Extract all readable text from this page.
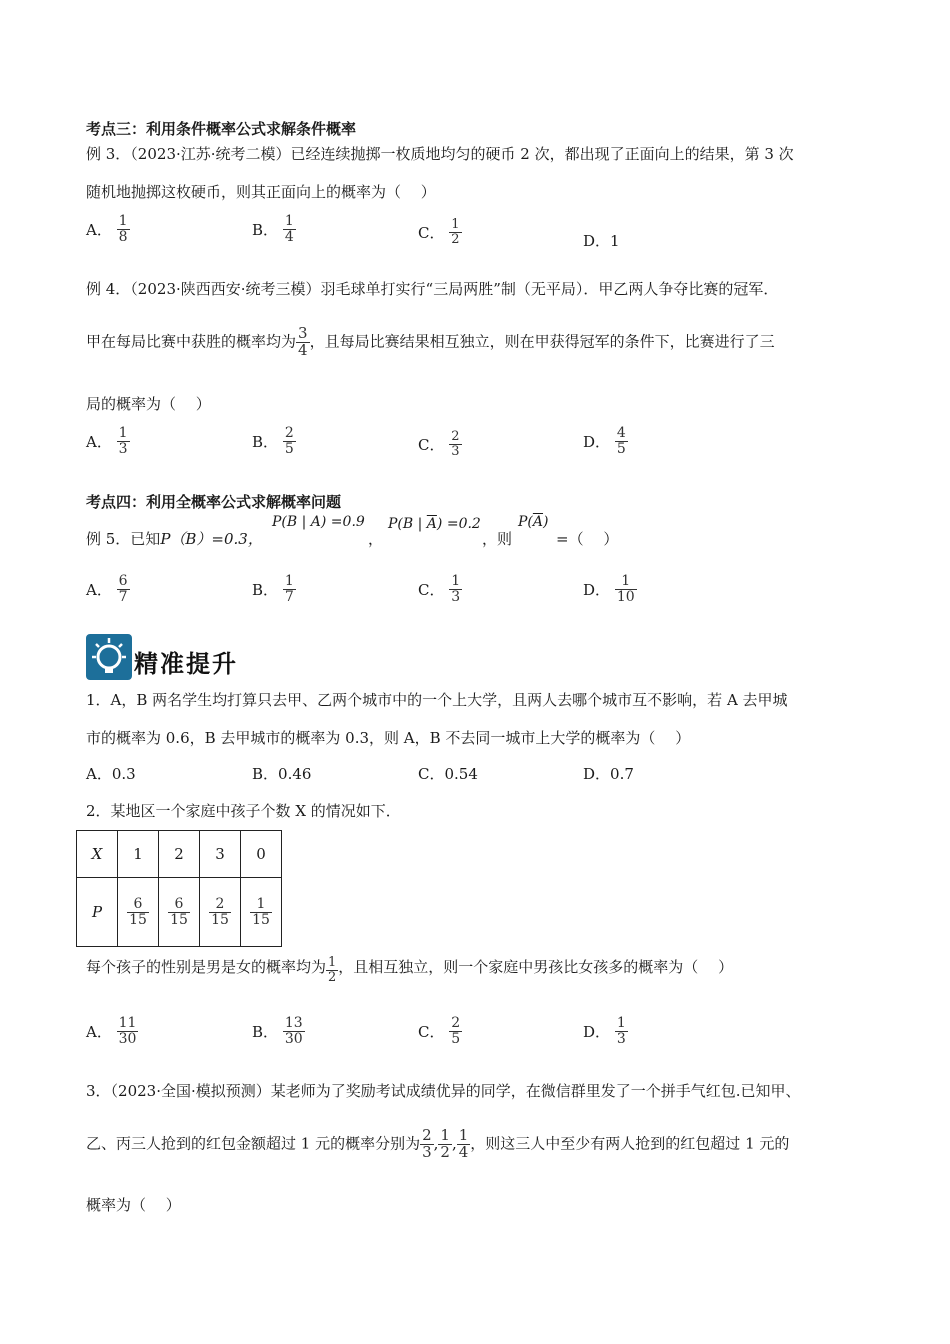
考点三：利用条件概率公式求解条件概率
例 3．（2023·江苏·统考二模）已经连续抛掷一枚质地均匀的硬币 2 次，都出现了正面向上的结果，第 3 次
随机地抛掷这枚硬币，则其正面向上的概率为（　 ）
A． $\frac{1}{8}$	B． $\frac{1}{4}$	C． $\frac{1}{2}$	D．1
例 4．（2023·陕西西安·统考三模）羽毛球单打实行“三局两胜”制（无平局）．甲乙两人争夺比赛的冠军．
甲在每局比赛中获胜的概率均为 $\frac{3}{4}$ ，且每局比赛结果相互独立，则在甲获得冠军的条件下，比赛进行了三
局的概率为（　 ）
A． $\frac{1}{3}$	B． $\frac{2}{5}$	C． $\frac{2}{3}$	D． $\frac{4}{5}$
考点四：利用全概率公式求解概率问题
例 5．已知P（B）=0.3，
P(B | A) =0.9
，
P(B | $\overline{A}) =0.2$
，则
$P(\overline{A})$
=（　 ）
A． $\frac{6}{7}$	B． $\frac{1}{7}$	C． $\frac{1}{3}$	D． $\frac{1}{10}$
精准提升
1．A，B 两名学生均打算只去甲、乙两个城市中的一个上大学，且两人去哪个城市互不影响，若 A 去甲城
市的概率为 0.6，B 去甲城市的概率为 0.3，则 A，B 不去同一城市上大学的概率为（　 ）
A．0.3	B．0.46	C．0.54	D．0.7
2．某地区一个家庭中孩子个数 X 的情况如下．
X	1	2	3	0
P	$\frac{6}{15}$	$\frac{6}{15}$	$\frac{2}{15}$	$\frac{1}{15}$
每个孩子的性别是男是女的概率均为 $\frac{1}{2}$ ，且相互独立，则一个家庭中男孩比女孩多的概率为（　 ）
A． $\frac{11}{30}$	B． $\frac{13}{30}$	C． $\frac{2}{5}$	D． $\frac{1}{3}$
3．（2023·全国·模拟预测）某老师为了奖励考试成绩优异的同学，在微信群里发了一个拼手气红包.已知甲、
乙、丙三人抢到的红包金额超过 1 元的概率分别为 $\frac{2}{3}$ , $\frac{1}{2}$ , $\frac{1}{4}$ ，则这三人中至少有两人抢到的红包超过 1 元的
概率为（　 ）
